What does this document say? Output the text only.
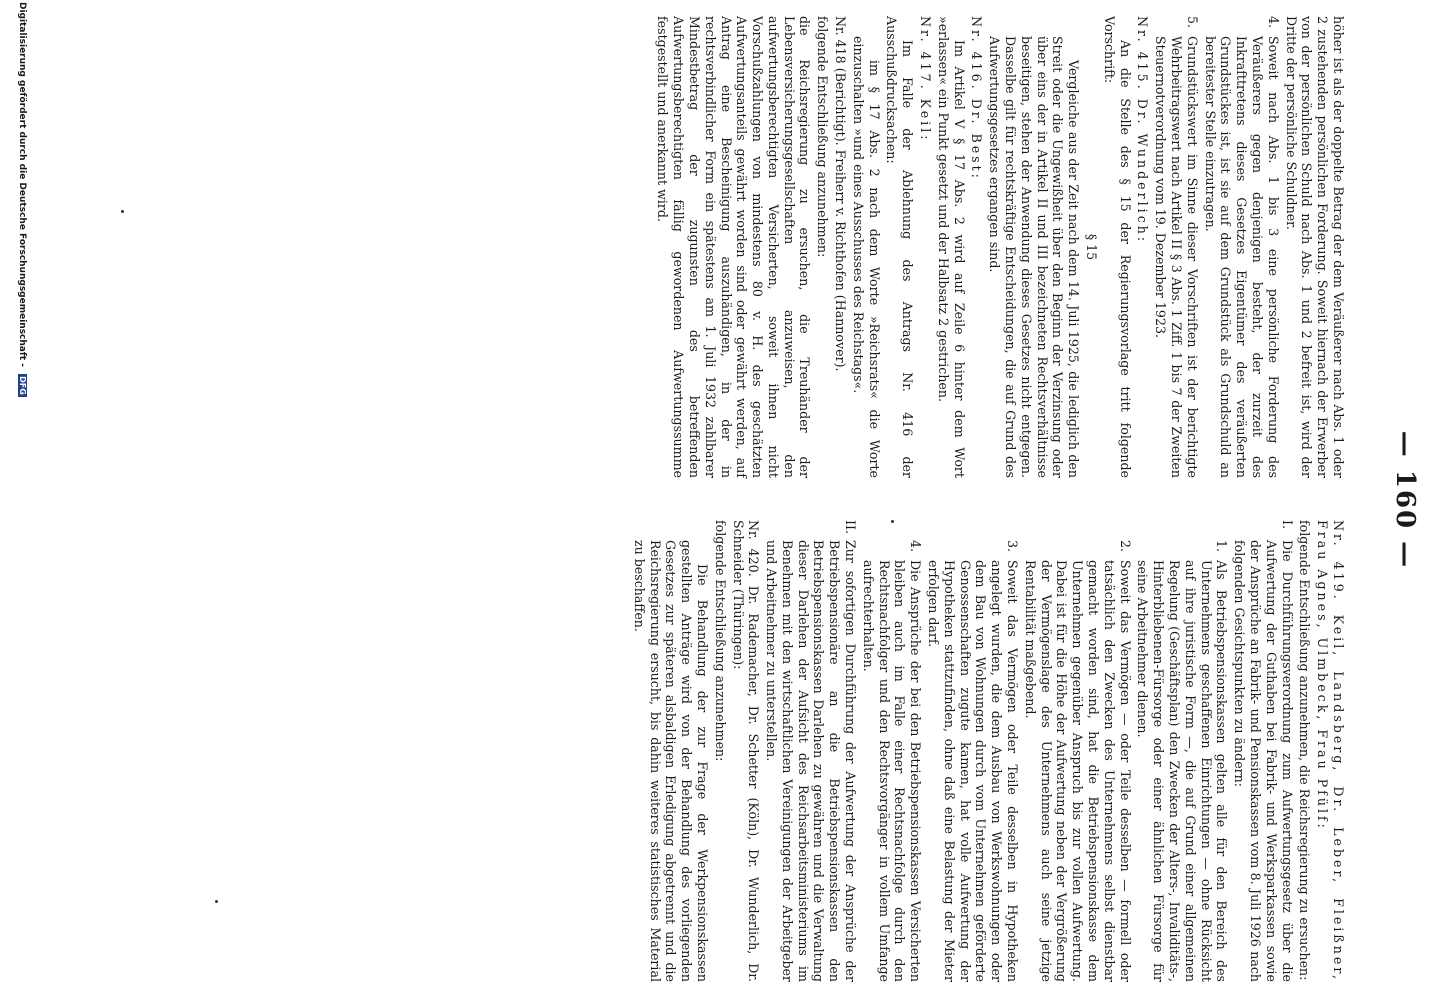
— 160 —

höher ist als der doppelte Betrag der dem Veräußerer nach Abs. 1 oder 2 zustehenden persönlichen Forderung. Soweit hiernach der Erwerber von der persönlichen Schuld nach Abs. 1 und 2 befreit ist, wird der Dritte der persönliche Schuldner.

4.
Soweit nach Abs. 1 bis 3 eine persönliche Forderung des Veräußerers gegen denjenigen besteht, der zurzeit des Inkrafttretens dieses Gesetzes Eigentümer des veräußerten Grundstückes ist, ist sie auf dem Grundstück als Grundschuld an bereitester Stelle einzutragen.
5.
Grundstückswert im Sinne dieser Vorschriften ist der berichtigte Wehrbeitragswert nach Artikel II § 3 Abs. 1 Ziff. 1 bis 7 der Zweiten Steuernotverordnung vom 19. Dezember 1923.

Nr. 415. Dr. Wunderlich:

An die Stelle des § 15 der Regierungsvorlage tritt folgende Vorschrift:

§ 15

Vergleiche aus der Zeit nach dem 14. Juli 1925, die lediglich den Streit oder die Ungewißheit über den Beginn der Verzinsung oder über eins der in Artikel II und III bezeichneten Rechtsverhältnisse beseitigen, stehen der Anwendung dieses Gesetzes nicht entgegen. Dasselbe gilt für rechtskräftige Entscheidungen, die auf Grund des Aufwertungsgesetzes ergangen sind.

Nr. 416. Dr. Best:

Im Artikel V § 17 Abs. 2 wird auf Zeile 6 hinter dem Wort »erlassen« ein Punkt gesetzt und der Halbsatz 2 gestrichen.

Nr. 417. Keil:

Im Falle der Ablehnung des Antrags Nr. 416 der Ausschußdrucksachen:

im § 17 Abs. 2 nach dem Worte »Reichsrats« die Worte einzuschalten »und eines Ausschusses des Reichstags«.

Nr. 418 (Berichtigt). Freiherr v. Richthofen (Hannover).

folgende Entschließung anzunehmen:

die Reichsregierung zu ersuchen, die Treuhänder der Lebensversicherungsgesellschaften anzuweisen, den aufwertungsberechtigten Versicherten, soweit ihnen nicht Vorschußzahlungen von mindestens 80 v. H. des geschätzten Aufwertungsanteils gewährt worden sind oder gewährt werden, auf Antrag eine Bescheinigung auszuhändigen, in der in rechtsverbindlicher Form ein spätestens am 1. Juli 1932 zahlbarer Mindestbetrag der zugunsten des betreffenden Aufwertungsberechtigten fällig gewordenen Aufwertungssumme festgestellt und anerkannt wird.

Nr. 419. Keil, Landsberg, Dr. Leber, Fleißner, Frau Agnes, Ulmbeck, Frau Pfülf:

folgende Entschließung anzunehmen, die Reichsregierung zu ersuchen:

I.
Die Durchführungsverordnung zum Aufwertungsgesetz über die Aufwertung der Guthaben bei Fabrik- und Werksparkassen sowie der Ansprüche an Fabrik- und Pensionskassen vom 8. Juli 1926 nach folgenden Gesichtspunkten zu ändern:
1.
Als Betriebspensionskassen gelten alle für den Bereich des Unternehmens geschaffenen Einrichtungen — ohne Rücksicht auf ihre juristische Form —, die auf Grund einer allgemeinen Regelung (Geschäftsplan) den Zwecken der Alters-, Invaliditäts-, Hinterbliebenen-Fürsorge oder einer ähnlichen Fürsorge für seine Arbeitnehmer dienen.
2.
Soweit das Vermögen — oder Teile desselben — formell oder tatsächlich den Zwecken des Unternehmens selbst dienstbar gemacht worden sind, hat die Betriebspensionskasse dem Unternehmen gegenüber Anspruch bis zur vollen Aufwertung. Dabei ist für die Höhe der Aufwertung neben der Vergrößerung der Vermögenslage des Unternehmens auch seine jetzige Rentabilität maßgebend.
3.
Soweit das Vermögen oder Teile desselben in Hypotheken angelegt wurden, die dem Ausbau von Werkswohnungen oder dem Bau von Wohnungen durch vom Unternehmen geförderte Genossenschaften zugute kamen, hat volle Aufwertung der Hypotheken stattzufinden, ohne daß eine Belastung der Mieter erfolgen darf.
4.
Die Ansprüche der bei den Betriebspensionskassen Versicherten bleiben auch im Falle einer Rechtsnachfolge durch den Rechtsnachfolger und den Rechtsvorgänger in vollem Umfange aufrechterhalten.
II.
Zur sofortigen Durchführung der Aufwertung der Ansprüche der Betriebspensionäre an die Betriebspensionskassen den Betriebspensionskassen Darlehen zu gewähren und die Verwaltung dieser Darlehen der Aufsicht des Reichsarbeitsministeriums im Benehmen mit den wirtschaftlichen Vereinigungen der Arbeitgeber und Arbeitnehmer zu unterstellen.

Nr. 420. Dr. Rademacher, Dr. Schetter (Köln), Dr. Wunderlich, Dr. Schneider (Thüringen):

folgende Entschließung anzunehmen:

Die Behandlung der zur Frage der Werkpensionskassen gestellten Anträge wird von der Behandlung des vorliegenden Gesetzes zur späteren alsbaldigen Erledigung abgetrennt und die Reichsregierung ersucht, bis dahin weiteres statistisches Material zu beschaffen.

Digitalisierung gefördert durch die Deutsche Forschungsgemeinschaft - DFG
